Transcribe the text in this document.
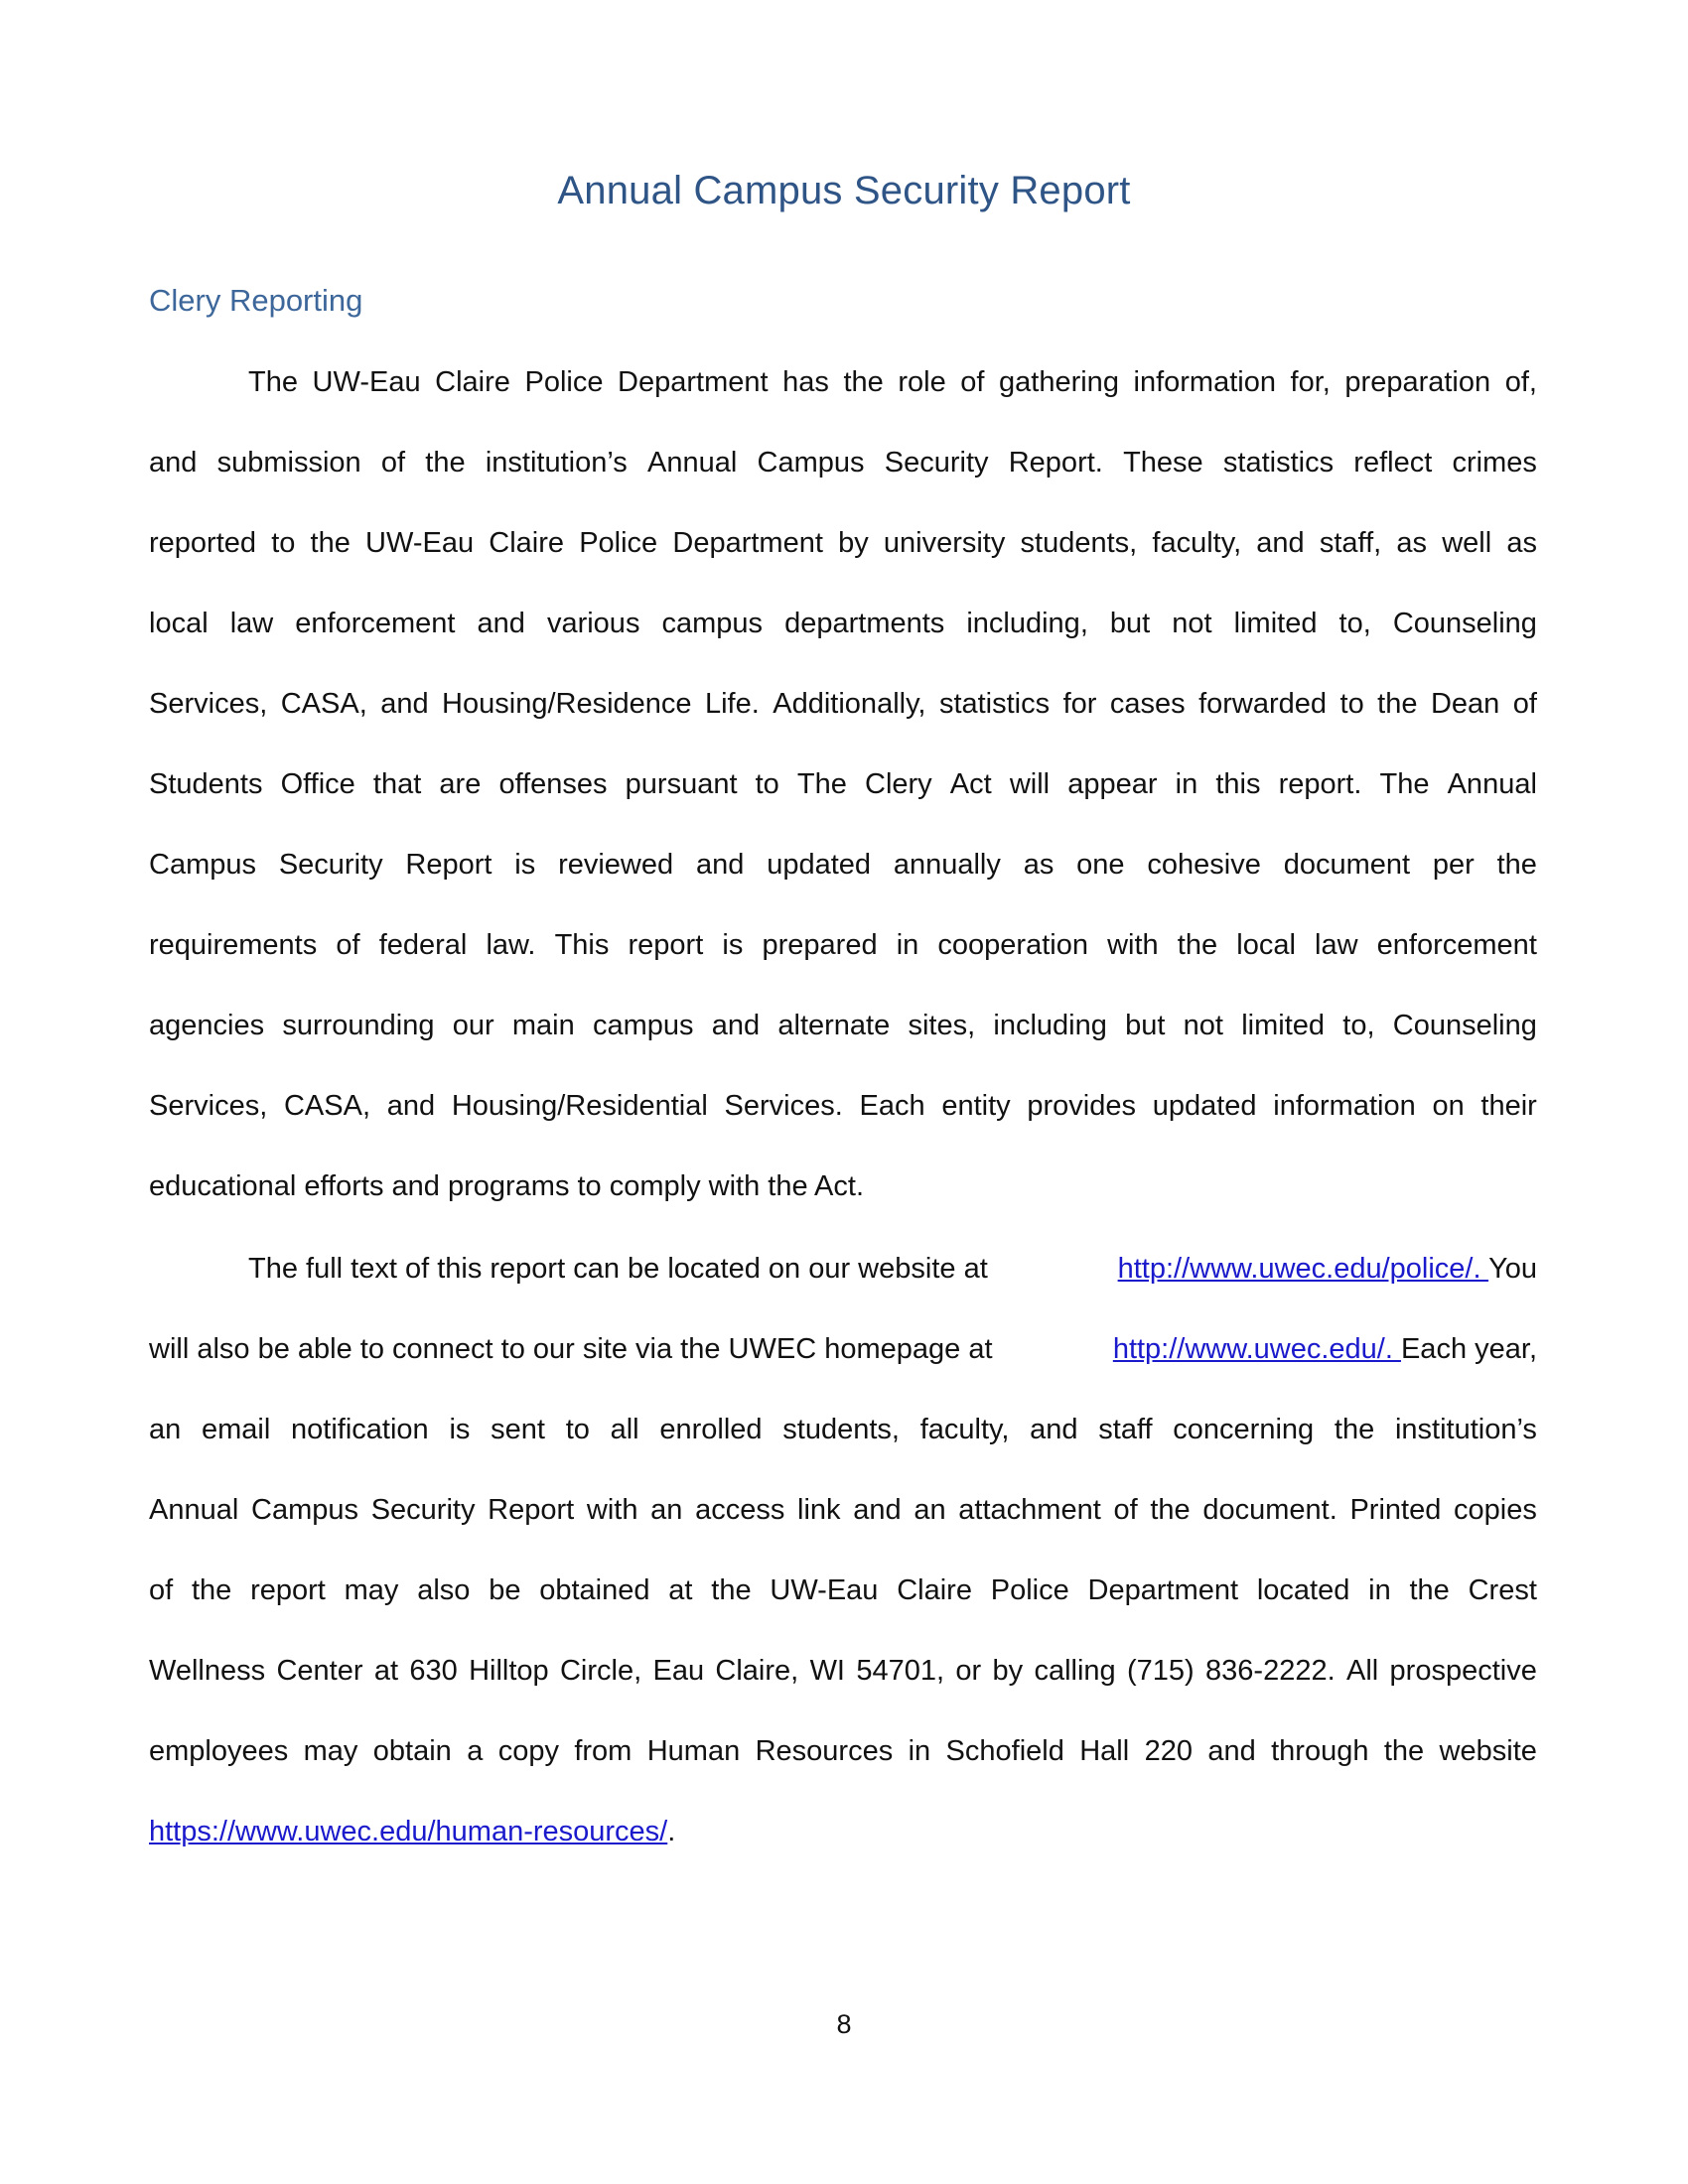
Annual Campus Security Report
Clery Reporting
The UW-Eau Claire Police Department has the role of gathering information for, preparation of,
and submission of the institution’s Annual Campus Security Report. These statistics reflect crimes
reported to the UW-Eau Claire Police Department by university students, faculty, and staff, as well as
local law enforcement and various campus departments including, but not limited to, Counseling
Services, CASA, and Housing/Residence Life. Additionally, statistics for cases forwarded to the Dean of
Students Office that are offenses pursuant to The Clery Act will appear in this report. The Annual
Campus Security Report is reviewed and updated annually as one cohesive document per the
requirements of federal law. This report is prepared in cooperation with the local law enforcement
agencies surrounding our main campus and alternate sites, including but not limited to, Counseling
Services, CASA, and Housing/Residential Services. Each entity provides updated information on their
educational efforts and programs to comply with the Act.
The full text of this report can be located on our website at	http://www.uwec.edu/police/. You
will also be able to connect to our site via the UWEC homepage at	http://www.uwec.edu/. Each year,
an email notification is sent to all enrolled students, faculty, and staff concerning the institution’s
Annual Campus Security Report with an access link and an attachment of the document. Printed copies
of the report may also be obtained at the UW-Eau Claire Police Department located in the Crest
Wellness Center at 630 Hilltop Circle, Eau Claire, WI 54701, or by calling (715) 836-2222. All prospective
employees may obtain a copy from Human Resources in Schofield Hall 220 and through the website
https://www.uwec.edu/human-resources/.
8
